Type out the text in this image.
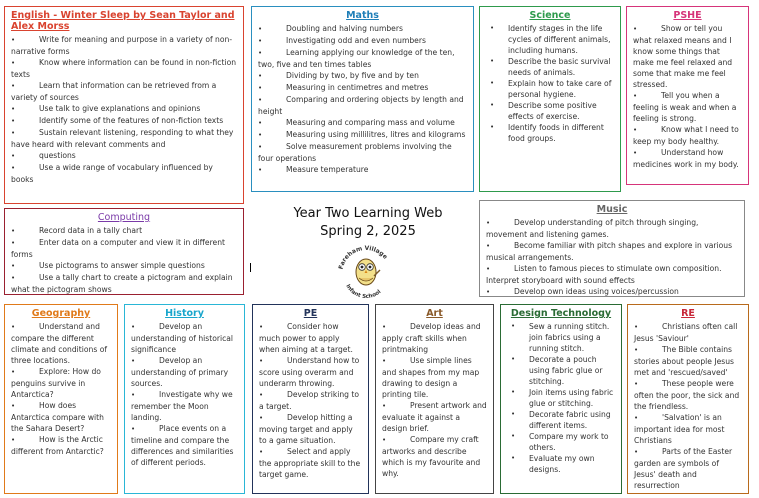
English - Winter Sleep by Sean Taylor and Alex Morss
•	Write for meaning and purpose in a variety of non-narrative forms
•	Know where information can be found in non-fiction texts
•	Learn that information can be retrieved from a variety of sources
•	Use talk to give explanations and opinions
•	Identify some of the features of non-fiction texts
•	Sustain relevant listening, responding to what they have heard with relevant comments and
•	questions
•	Use a wide range of vocabulary influenced by books
Maths
•	Doubling and halving numbers
•	Investigating odd and even numbers
•	Learning applying our knowledge of the ten, two, five and ten times tables
•	Dividing by two, by five and by ten
•	Measuring in centimetres and metres
•	Comparing and ordering objects by length and height
•	Measuring and comparing mass and volume
•	Measuring using millilitres, litres and kilograms
•	Solve measurement problems involving the four operations
•	Measure temperature
Science
• Identify stages in the life cycles of different animals, including humans.
• Describe the basic survival needs of animals.
• Explain how to take care of personal hygiene.
• Describe some positive effects of exercise.
• Identify foods in different food groups.
PSHE
•	Show or tell you what relaxed means and I know some things that make me feel relaxed and some that make me feel stressed.
•	Tell you when a feeling is weak and when a feeling is strong.
•	Know what I need to keep my body healthy.
•	Understand how medicines work in my body.
Computing
•	Record data in a tally chart
•	Enter data on a computer and view it in different forms
•	Use pictograms to answer simple questions
•	Use a tally chart to create a pictogram and explain what the pictogram shows
Year Two Learning Web
Spring 2, 2025
Fareham Village
Infant School
Music
•	Develop understanding of pitch through singing, movement and listening games.
•	Become familiar with pitch shapes and explore in various musical arrangements.
•	Listen to famous pieces to stimulate own composition. Interpret storyboard with sound effects
•	Develop own ideas using voices/percussion
Geography
•	Understand and compare the different climate and conditions of three locations.
•	Explore: How do penguins survive in Antarctica?
•	How does Antarctica compare with the Sahara Desert?
•	How is the Arctic different from Antarctic?
History
•	Develop an understanding of historical significance
•	Develop an understanding of primary sources.
•	Investigate why we remember the Moon landing.
•	Place events on a timeline and compare the differences and similarities of different periods.
PE
•	Consider how much power to apply when aiming at a target.
•	Understand how to score using overarm and underarm throwing.
•	Develop striking to a target.
•	Develop hitting a moving target and apply to a game situation.
•	Select and apply the appropriate skill to the target game.
Art
•	Develop ideas and apply craft skills when printmaking
•	Use simple lines and shapes from my map drawing to design a printing tile.
•	Present artwork and evaluate it against a design brief.
•	Compare my craft artworks and describe which is my favourite and why.
Design Technology
• Sew a running stitch. join fabrics using a running stitch.
• Decorate a pouch using fabric glue or stitching.
• Join items using fabric glue or stitching.
• Decorate fabric using different items.
• Compare my work to others.
• Evaluate my own designs.
RE
•	Christians often call Jesus 'Saviour'
•	The Bible contains stories about people Jesus met and 'rescued/saved'
•	These people were often the poor, the sick and the friendless.
•	'Salvation' is an important idea for most Christians
•	Parts of the Easter garden are symbols of Jesus' death and resurrection
